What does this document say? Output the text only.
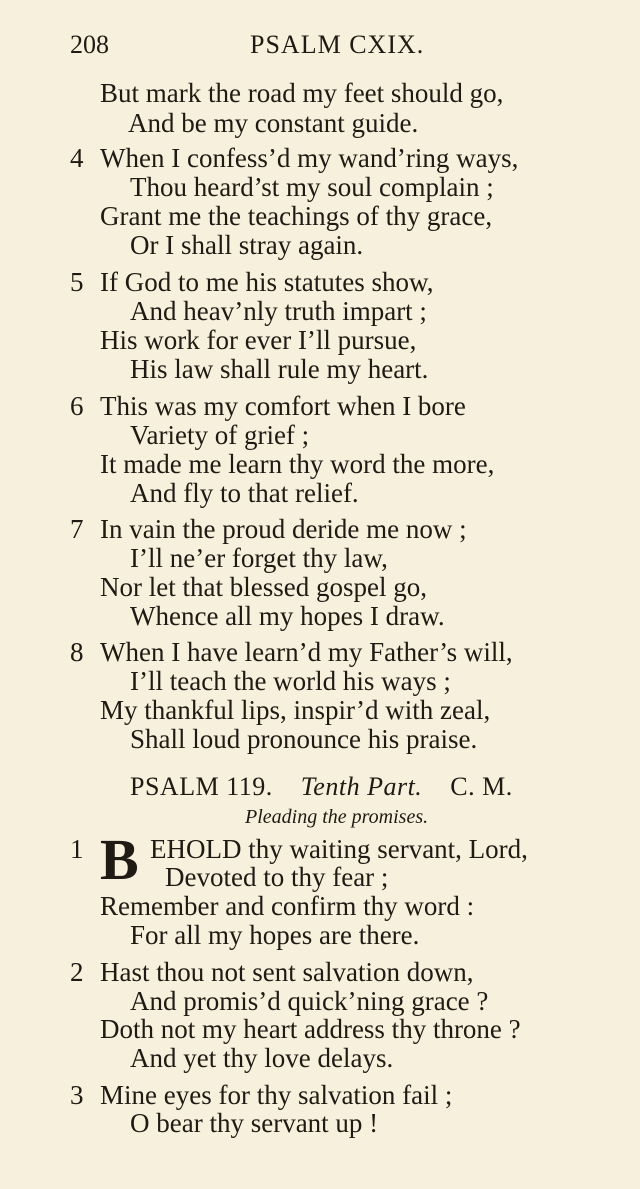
208	PSALM CXIX.
But mark the road my feet should go,
And be my constant guide.
4 When I confess’d my wand’ring ways,
Thou heard’st my soul complain ;
Grant me the teachings of thy grace,
Or I shall stray again.
5 If God to me his statutes show,
And heav’nly truth impart ;
His work for ever I’ll pursue,
His law shall rule my heart.
6 This was my comfort when I bore
Variety of grief ;
It made me learn thy word the more,
And fly to that relief.
7 In vain the proud deride me now ;
I’ll ne’er forget thy law,
Nor let that blessed gospel go,
Whence all my hopes I draw.
8 When I have learn’d my Father’s will,
I’ll teach the world his ways ;
My thankful lips, inspir’d with zeal,
Shall loud pronounce his praise.
PSALM 119. Tenth Part. C. M.
Pleading the promises.
1 B EHOLD thy waiting servant, Lord,
Devoted to thy fear ;
Remember and confirm thy word :
For all my hopes are there.
2 Hast thou not sent salvation down,
And promis’d quick’ning grace ?
Doth not my heart address thy throne ?
And yet thy love delays.
3 Mine eyes for thy salvation fail ;
O bear thy servant up !
